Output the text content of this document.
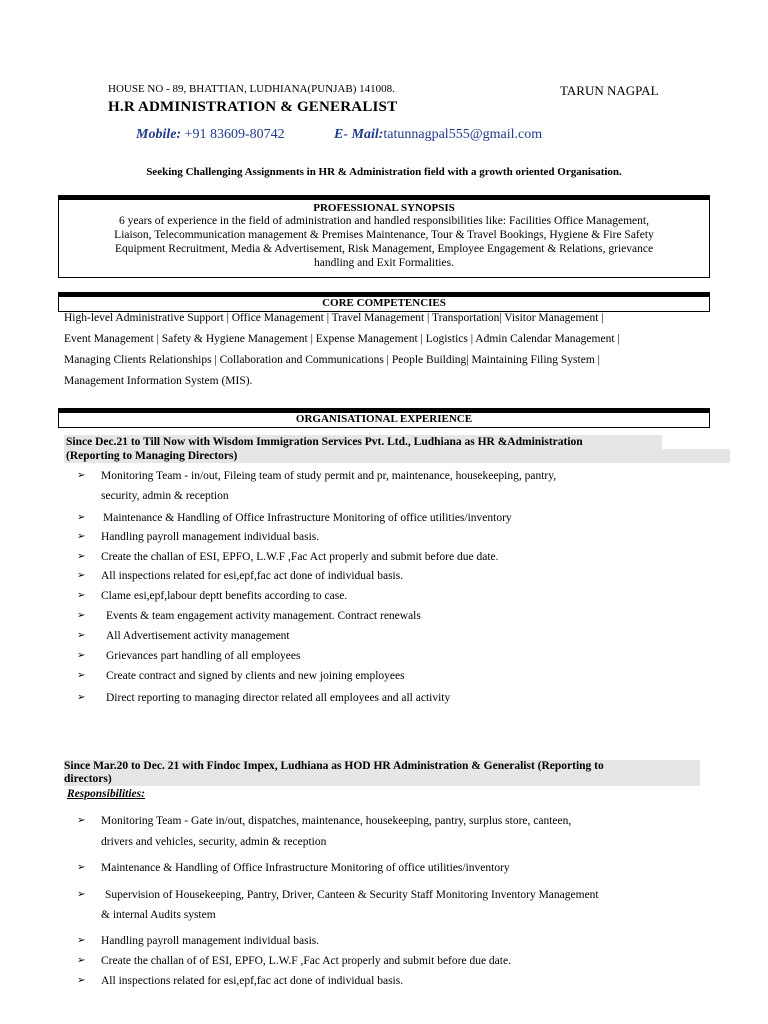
HOUSE NO - 89, BHATTIAN, LUDHIANA(PUNJAB) 141008.	TARUN NAGPAL
H.R ADMINISTRATION & GENERALIST
Mobile: +91 83609-80742	E- Mail:tatunnagpal555@gmail.com
Seeking Challenging Assignments in HR & Administration field with a growth oriented Organisation.
PROFESSIONAL SYNOPSIS
6 years of experience in the field of administration and handled responsibilities like: Facilities Office Management,
Liaison, Telecommunication management & Premises Maintenance, Tour & Travel Bookings, Hygiene & Fire Safety
Equipment Recruitment, Media & Advertisement, Risk Management, Employee Engagement & Relations, grievance
handling and Exit Formalities.
CORE COMPETENCIES
High-level Administrative Support | Office Management | Travel Management | Transportation| Visitor Management |
Event Management | Safety & Hygiene Management | Expense Management | Logistics | Admin Calendar Management |
Managing Clients Relationships | Collaboration and Communications | People Building| Maintaining Filing System |
Management Information System (MIS).
ORGANISATIONAL EXPERIENCE
Since Dec.21 to Till Now with Wisdom Immigration Services Pvt. Ltd., Ludhiana as HR &Administration
(Reporting to Managing Directors)
➢ Monitoring Team - in/out, Fileing team of study permit and pr, maintenance, housekeeping, pantry,
security, admin & reception
➢ Maintenance & Handling of Office Infrastructure Monitoring of office utilities/inventory
➢ Handling payroll management individual basis.
➢ Create the challan of ESI, EPFO, L.W.F ,Fac Act properly and submit before due date.
➢ All inspections related for esi,epf,fac act done of individual basis.
➢ Clame esi,epf,labour deptt benefits according to case.
➢ Events & team engagement activity management. Contract renewals
➢ All Advertisement activity management
➢ Grievances part handling of all employees
➢ Create contract and signed by clients and new joining employees
➢ Direct reporting to managing director related all employees and all activity
Since Mar.20 to Dec. 21 with Findoc Impex, Ludhiana as HOD HR Administration & Generalist (Reporting to
directors)
Responsibilities:
➢ Monitoring Team - Gate in/out, dispatches, maintenance, housekeeping, pantry, surplus store, canteen,
drivers and vehicles, security, admin & reception
➢ Maintenance & Handling of Office Infrastructure Monitoring of office utilities/inventory
➢ Supervision of Housekeeping, Pantry, Driver, Canteen & Security Staff Monitoring Inventory Management
& internal Audits system
➢ Handling payroll management individual basis.
➢ Create the challan of of ESI, EPFO, L.W.F ,Fac Act properly and submit before due date.
➢ All inspections related for esi,epf,fac act done of individual basis.
